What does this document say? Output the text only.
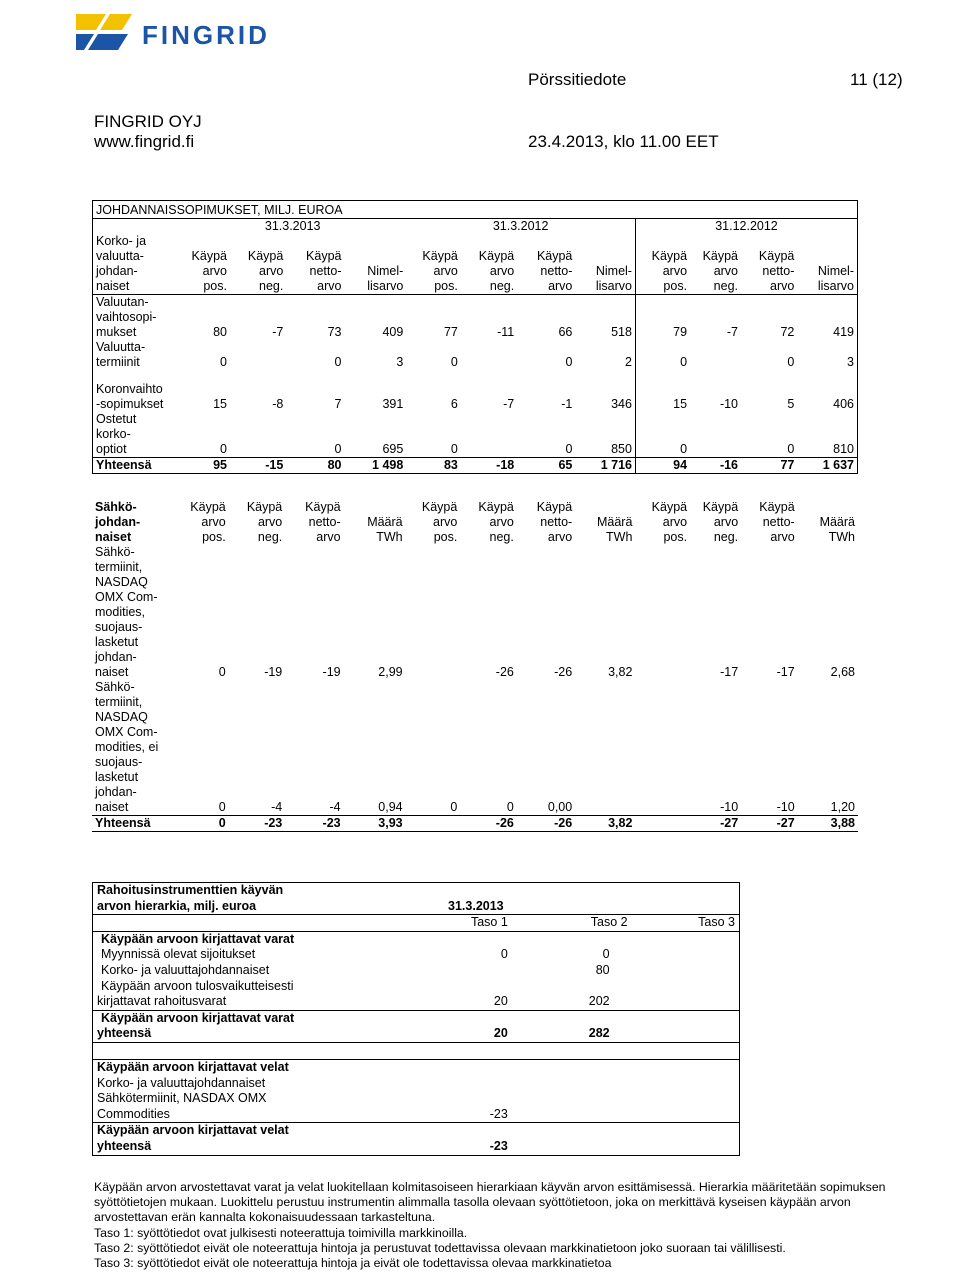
FINGRID
Pörssitiedote	11 (12)
FINGRID OYJ
www.fingrid.fi	23.4.2013, klo 11.00 EET
JOHDANNAISSOPIMUKSET, MILJ. EUROA												
	31.3.2013				31.3.2012				31.12.2012			
Korko- ja												
valuutta-	Käypä	Käypä	Käypä		Käypä	Käypä	Käypä		Käypä	Käypä	Käypä	
johdan-	arvo	arvo	netto-	Nimel-	arvo	arvo	netto-	Nimel-	arvo	arvo	netto-	Nimel-
naiset	pos.	neg.	arvo	lisarvo	pos.	neg.	arvo	lisarvo	pos.	neg.	arvo	lisarvo
Valuutan-												
vaihtosopi-												
mukset	80	-7	73	409	77	-11	66	518	79	-7	72	419
Valuutta-												
termiinit	0		0	3	0		0	2	0		0	3

Koronvaihto												
-sopimukset	15	-8	7	391	6	-7	-1	346	15	-10	5	406
Ostetut												
korko-												
optiot	0		0	695	0		0	850	0		0	810
Yhteensä	95	-15	80	1 498	83	-18	65	1 716	94	-16	77	1 637
Sähkö-	Käypä	Käypä	Käypä		Käypä	Käypä	Käypä		Käypä	Käypä	Käypä	
johdan-	arvo	arvo	netto-	Määrä	arvo	arvo	netto-	Määrä	arvo	arvo	netto-	Määrä
naiset	pos.	neg.	arvo	TWh	pos.	neg.	arvo	TWh	pos.	neg.	arvo	TWh
Sähkö-												
termiinit,												
NASDAQ												
OMX Com-												
modities,												
suojaus-												
lasketut												
johdan-												
naiset	0	-19	-19	2,99		-26	-26	3,82		-17	-17	2,68
Sähkö-												
termiinit,												
NASDAQ												
OMX Com-												
modities, ei												
suojaus-												
lasketut												
johdan-												
naiset	0	-4	-4	0,94	0	0	0,00			-10	-10	1,20
Yhteensä	0	-23	-23	3,93		-26	-26	3,82		-27	-27	3,88
Rahoitusinstrumenttien käyvän			
arvon hierarkia, milj. euroa	31.3.2013		
	Taso 1	Taso 2	Taso 3
Käypään arvoon kirjattavat varat			
Myynnissä olevat sijoitukset	0	0	
Korko- ja valuuttajohdannaiset		80	
Käypään arvoon tulosvaikutteisesti			
kirjattavat rahoitusvarat	20	202	
Käypään arvoon kirjattavat varat			
yhteensä	20	282	

Käypään arvoon kirjattavat velat			
Korko- ja valuuttajohdannaiset			
Sähkötermiinit, NASDAX OMX			
Commodities	-23		
Käypään arvoon kirjattavat velat			
yhteensä	-23		

Käypään arvon arvostettavat varat ja velat luokitellaan kolmitasoiseen hierarkiaan käyvän arvon esittämisessä. Hierarkia määritetään sopimuksen syöttötietojen mukaan. Luokittelu perustuu instrumentin alimmalla tasolla olevaan syöttötietoon, joka on merkittävä kyseisen käypään arvon arvostettavan erän kannalta kokonaisuudessaan tarkasteltuna.

Taso 1: syöttötiedot ovat julkisesti noteerattuja toimivilla markkinoilla.

Taso 2: syöttötiedot eivät ole noteerattuja hintoja ja perustuvat todettavissa olevaan markkinatietoon joko suoraan tai välillisesti.

Taso 3: syöttötiedot eivät ole noteerattuja hintoja ja eivät ole todettavissa olevaa markkinatietoa
